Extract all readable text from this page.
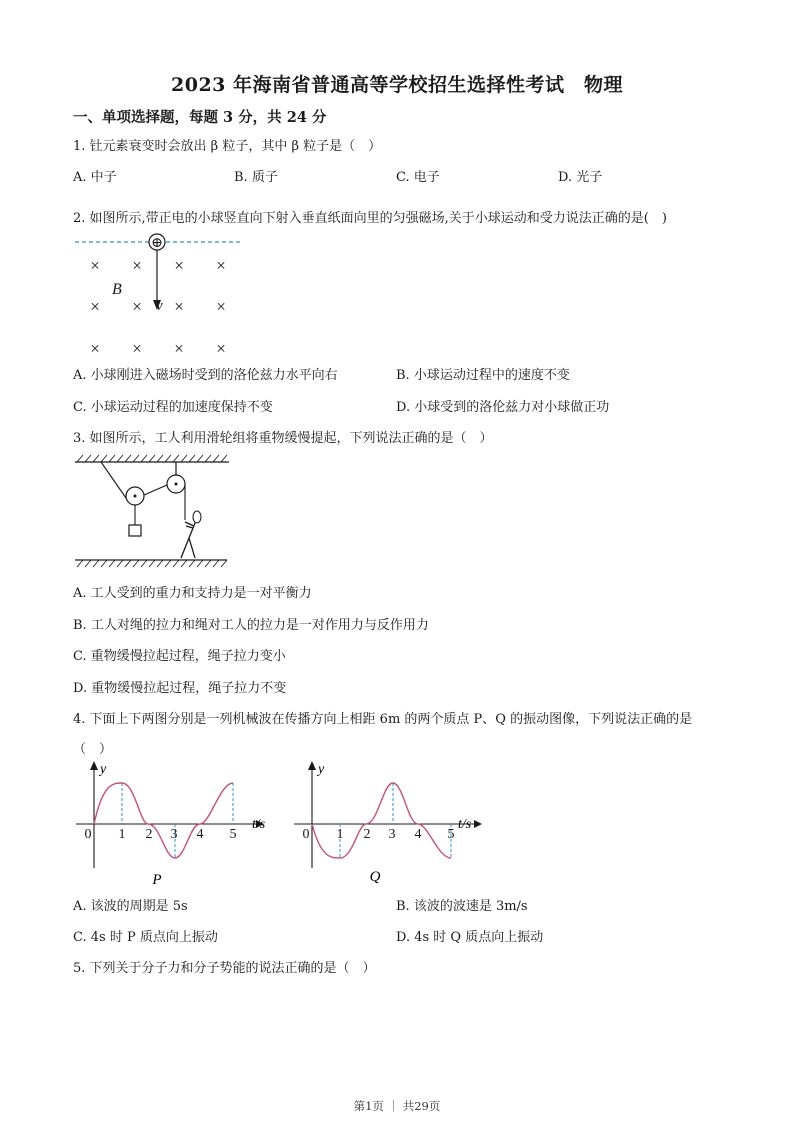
2023 年海南省普通高等学校招生选择性考试　物理
一、单项选择题，每题 3 分，共 24 分
1. 钍元素衰变时会放出 β 粒子，其中 β 粒子是（　）
A. 中子	B. 质子	C. 电子	D. 光子
2. 如图所示,带正电的小球竖直向下射入垂直纸面向里的匀强磁场,关于小球运动和受力说法正确的是(　)
⊕
× × × ×
× × × ×
× × × ×
B
v
A. 小球刚进入磁场时受到的洛伦兹力水平向右	B. 小球运动过程中的速度不变
C. 小球运动过程的加速度保持不变	D. 小球受到的洛伦兹力对小球做正功
3. 如图所示，工人利用滑轮组将重物缓慢提起，下列说法正确的是（　）
A. 工人受到的重力和支持力是一对平衡力
B. 工人对绳的拉力和绳对工人的拉力是一对作用力与反作用力
C. 重物缓慢拉起过程，绳子拉力变小
D. 重物缓慢拉起过程，绳子拉力不变
4. 下面上下两图分别是一列机械波在传播方向上相距 6m 的两个质点 P、Q 的振动图像，下列说法正确的是
（　）
y
t/s
0 1 2 3 4 5
P
y
t/s
0 1 2 3 4 5
Q
A. 该波的周期是 5s	B. 该波的波速是 3m/s
C. 4s 时 P 质点向上振动	D. 4s 时 Q 质点向上振动
5. 下列关于分子力和分子势能的说法正确的是（　）
第1页 ｜ 共29页
